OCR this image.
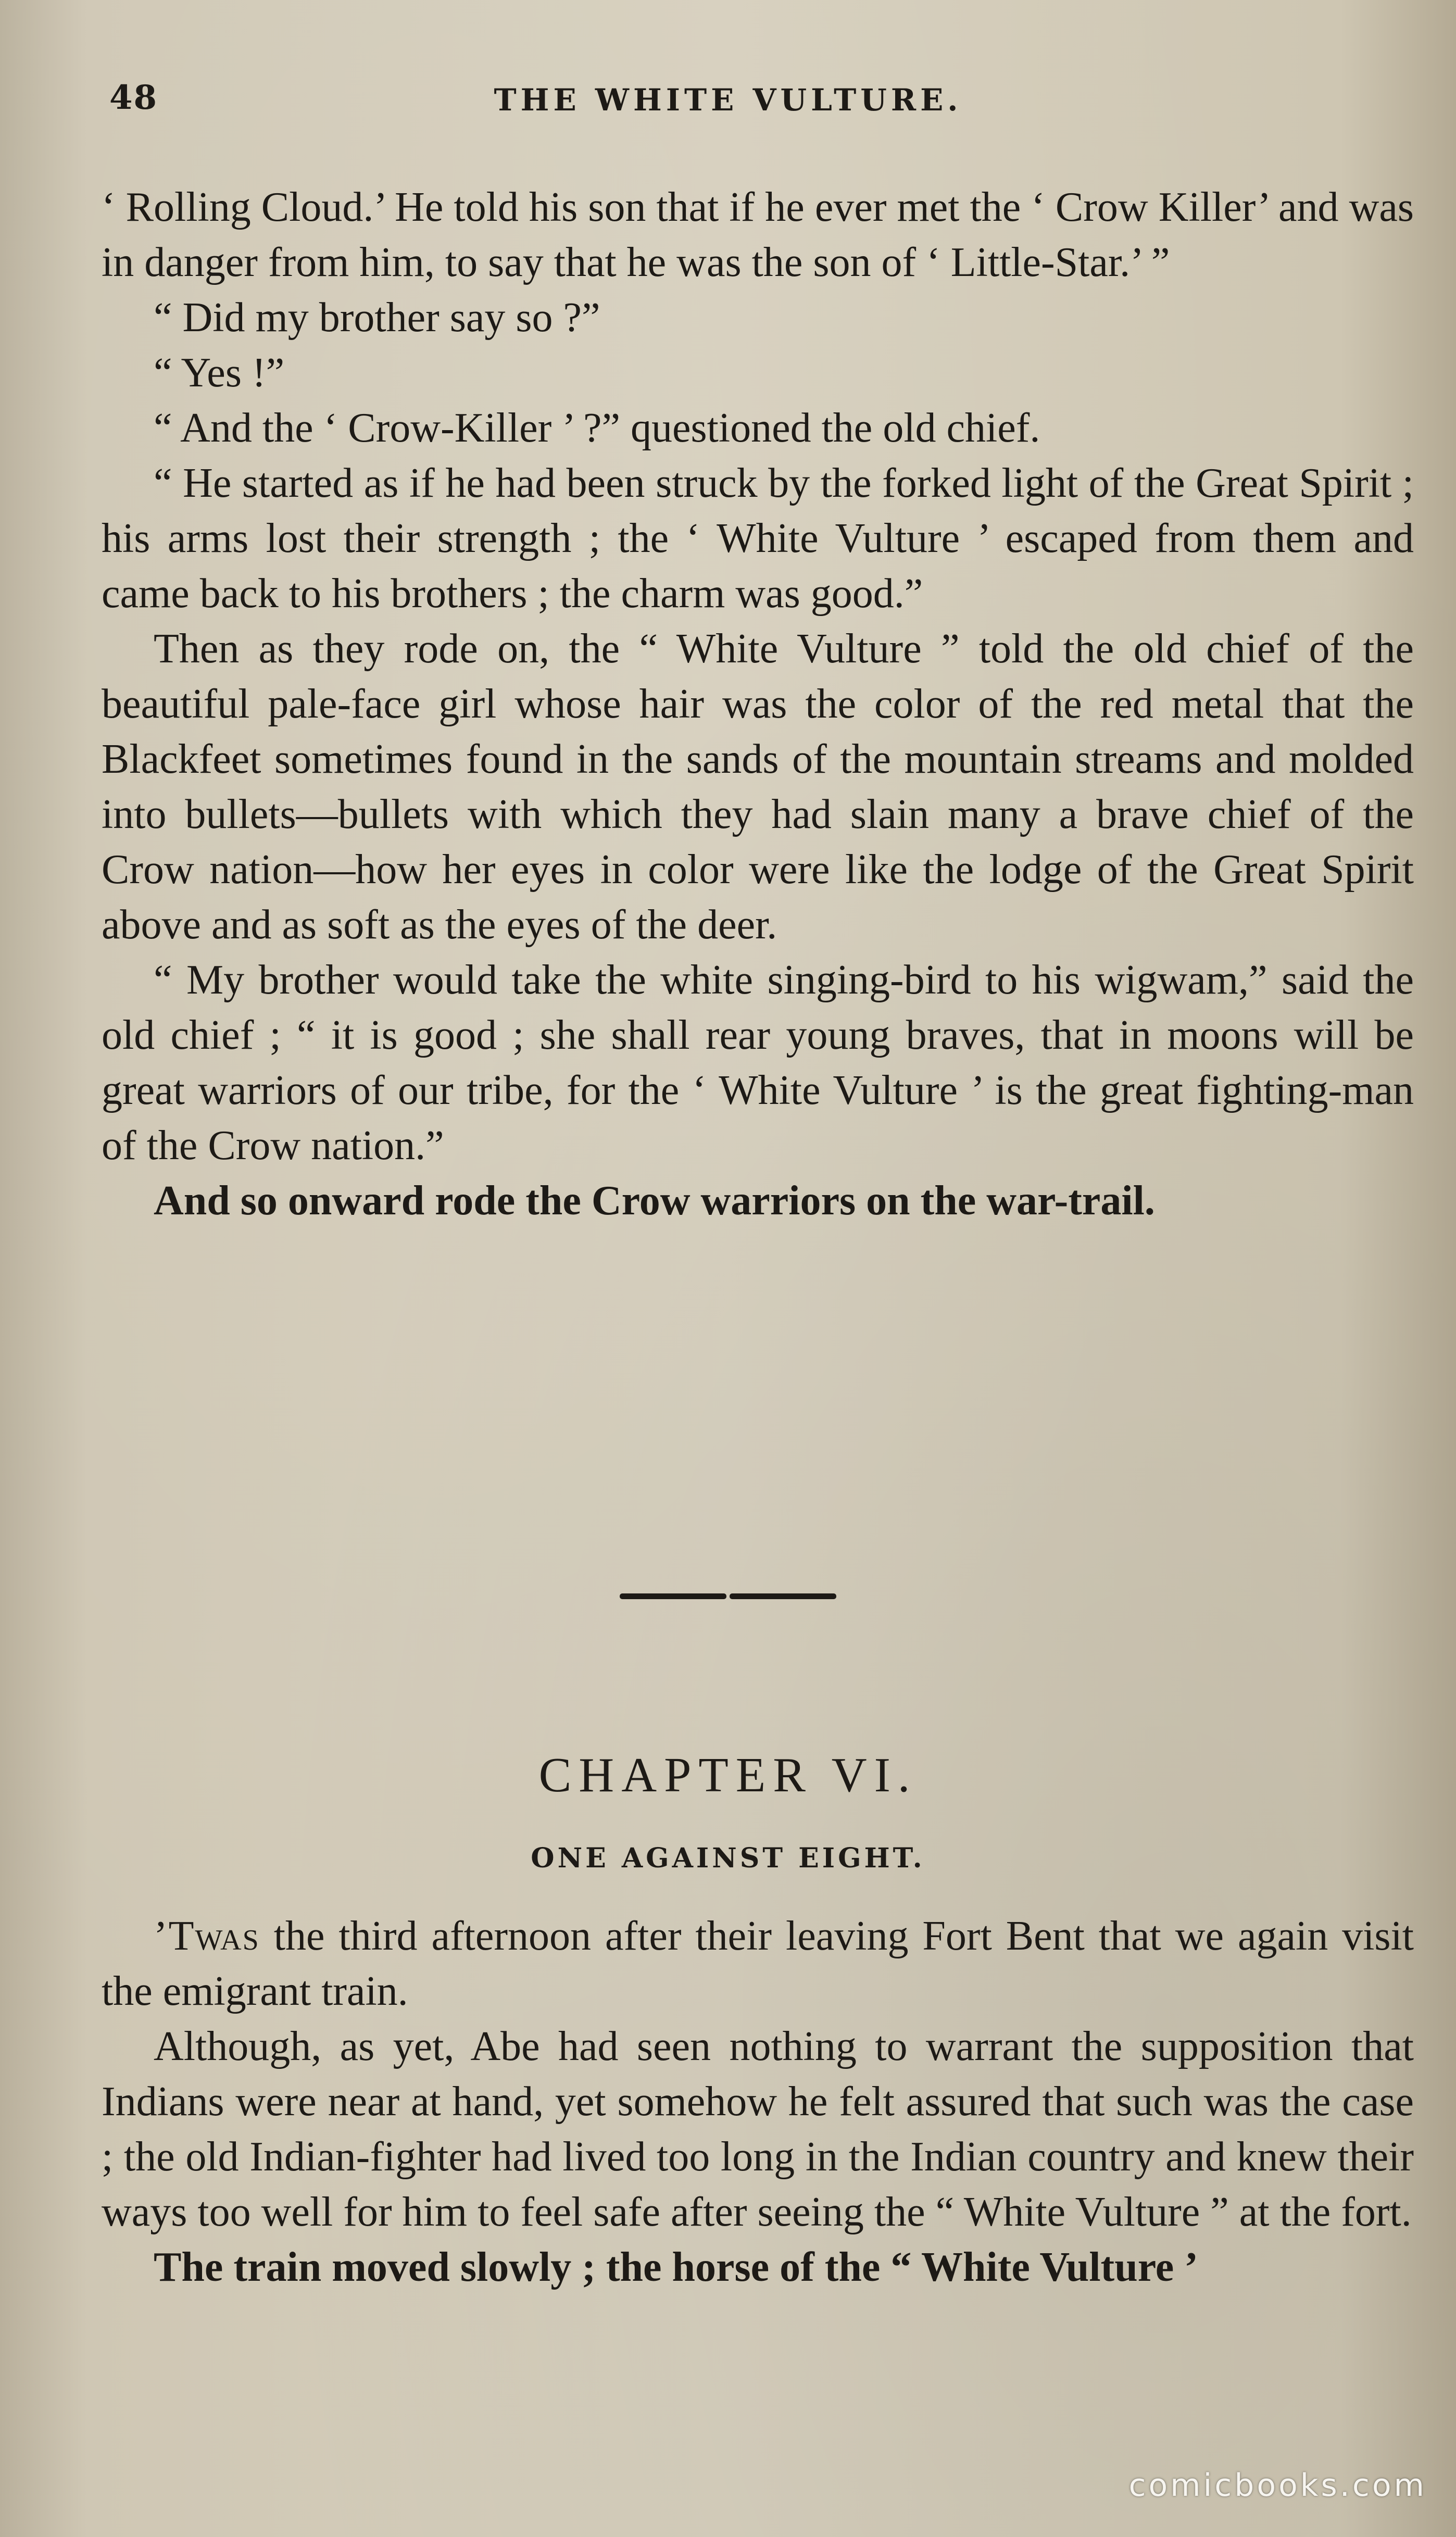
48	THE WHITE VULTURE.

‘ Rolling Cloud.’ He told his son that if he ever met the ‘ Crow Killer’ and was in danger from him, to say that he was the son of ‘ Little-Star.’ ”

“ Did my brother say so ?”

“ Yes !”

“ And the ‘ Crow-Killer ’ ?” questioned the old chief.

“ He started as if he had been struck by the forked light of the Great Spirit ; his arms lost their strength ; the ‘ White Vulture ’ escaped from them and came back to his brothers ; the charm was good.”

Then as they rode on, the “ White Vulture ” told the old chief of the beautiful pale-face girl whose hair was the color of the red metal that the Blackfeet sometimes found in the sands of the mountain streams and molded into bullets—bullets with which they had slain many a brave chief of the Crow nation—how her eyes in color were like the lodge of the Great Spirit above and as soft as the eyes of the deer.

“ My brother would take the white singing-bird to his wigwam,” said the old chief ; “ it is good ; she shall rear young braves, that in moons will be great warriors of our tribe, for the ‘ White Vulture ’ is the great fighting-man of the Crow nation.”

And so onward rode the Crow warriors on the war-trail.

CHAPTER VI.
ONE AGAINST EIGHT.

’Twas the third afternoon after their leaving Fort Bent that we again visit the emigrant train.

Although, as yet, Abe had seen nothing to warrant the supposition that Indians were near at hand, yet somehow he felt assured that such was the case ; the old Indian-fighter had lived too long in the Indian country and knew their ways too well for him to feel safe after seeing the “ White Vulture ” at the fort.

The train moved slowly ; the horse of the “ White Vulture ’

comicbooks.com
